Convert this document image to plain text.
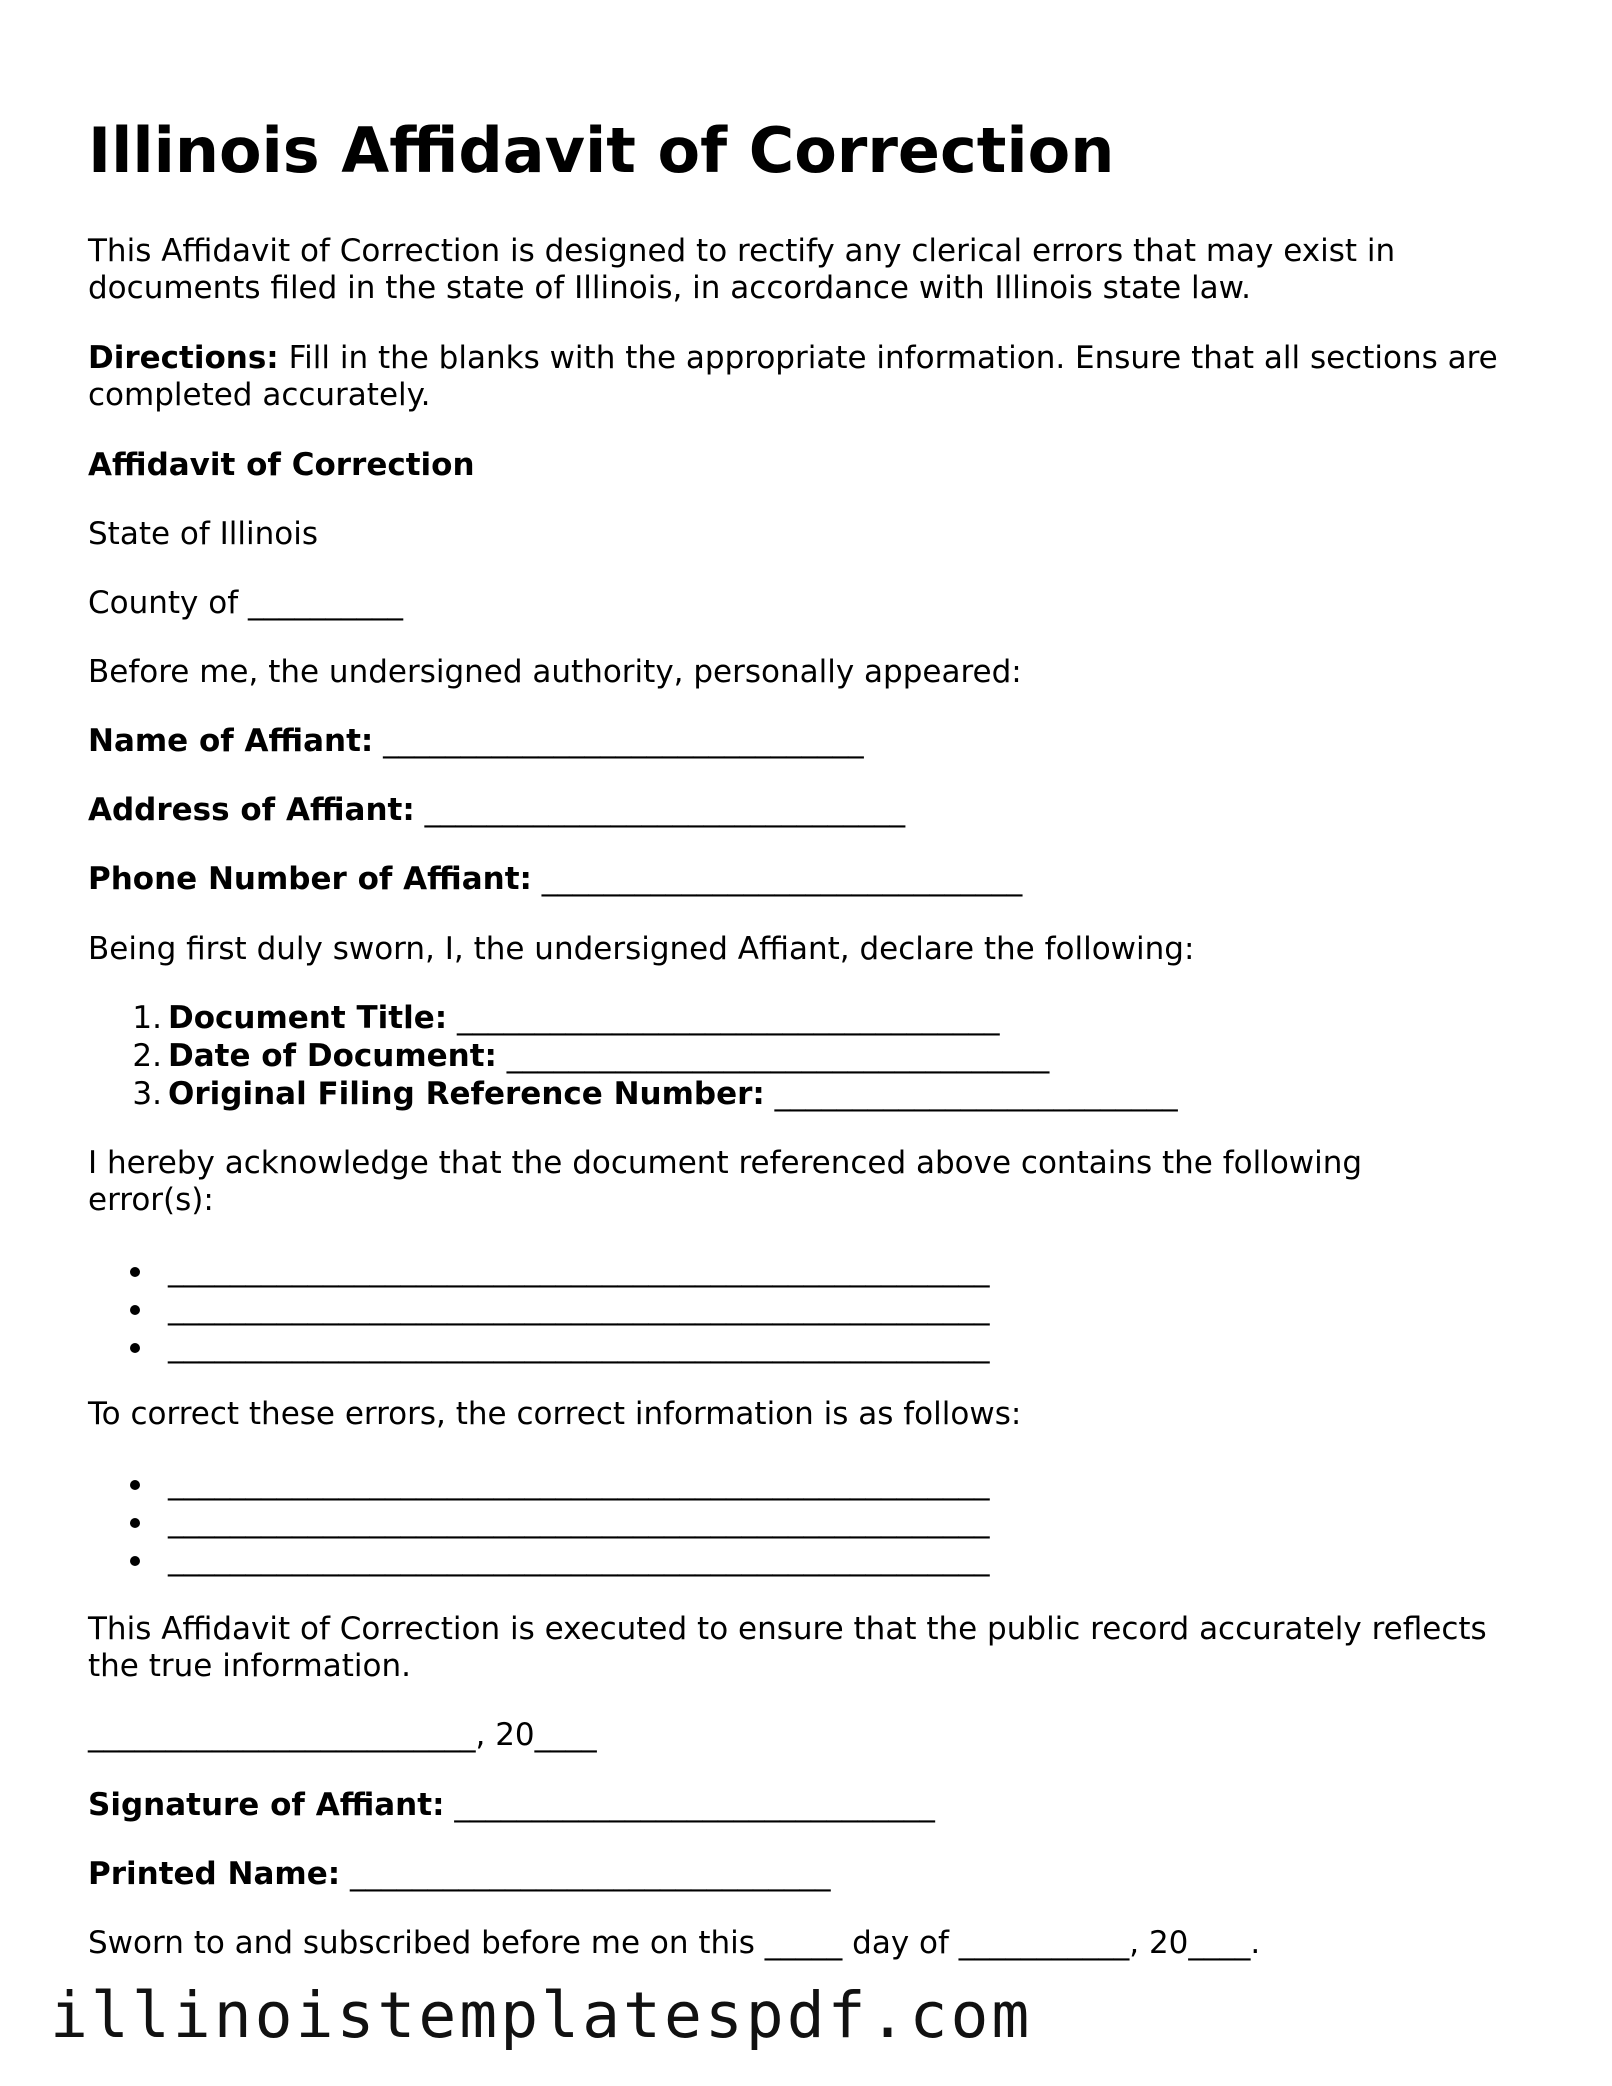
Illinois Affidavit of Correction

This Affidavit of Correction is designed to rectify any clerical errors that may exist in

documents filed in the state of Illinois, in accordance with Illinois state law.

Directions: Fill in the blanks with the appropriate information. Ensure that all sections are

completed accurately.

Affidavit of Correction

State of Illinois

County of __________

Before me, the undersigned authority, personally appeared:

Name of Affiant: _______________________________

Address of Affiant: _______________________________

Phone Number of Affiant: _______________________________

Being first duly sworn, I, the undersigned Affiant, declare the following:

1. Document Title: ___________________________________
2. Date of Document: ___________________________________
3. Original Filing Reference Number: __________________________

I hereby acknowledge that the document referenced above contains the following

error(s):

_____________________________________________________
_____________________________________________________
_____________________________________________________

To correct these errors, the correct information is as follows:

_____________________________________________________
_____________________________________________________
_____________________________________________________

This Affidavit of Correction is executed to ensure that the public record accurately reflects

the true information.

_________________________, 20____

Signature of Affiant: _______________________________

Printed Name: _______________________________

Sworn to and subscribed before me on this _____ day of ___________, 20____.

illinoistemplatespdf.com
